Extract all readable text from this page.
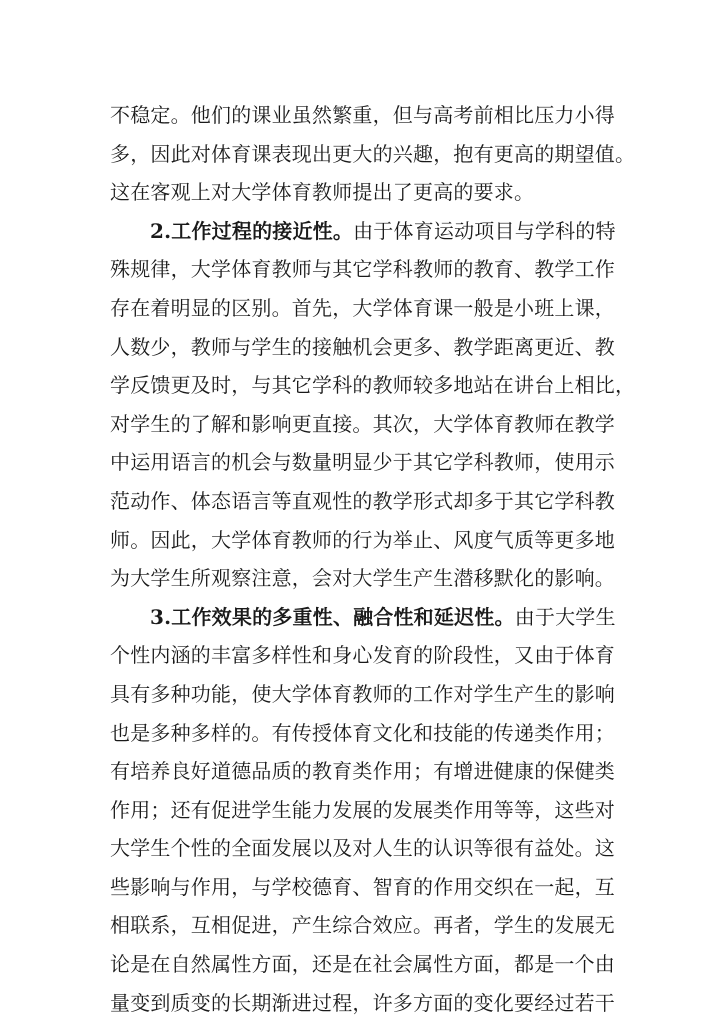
不稳定。他们的课业虽然繁重，但与高考前相比压力小得
多，因此对体育课表现出更大的兴趣，抱有更高的期望值。
这在客观上对大学体育教师提出了更高的要求。
2.工作过程的接近性。由于体育运动项目与学科的特
殊规律，大学体育教师与其它学科教师的教育、教学工作
存在着明显的区别。首先，大学体育课一般是小班上课，
人数少，教师与学生的接触机会更多、教学距离更近、教
学反馈更及时，与其它学科的教师较多地站在讲台上相比，
对学生的了解和影响更直接。其次，大学体育教师在教学
中运用语言的机会与数量明显少于其它学科教师，使用示
范动作、体态语言等直观性的教学形式却多于其它学科教
师。因此，大学体育教师的行为举止、风度气质等更多地
为大学生所观察注意，会对大学生产生潜移默化的影响。
3.工作效果的多重性、融合性和延迟性。由于大学生
个性内涵的丰富多样性和身心发育的阶段性，又由于体育
具有多种功能，使大学体育教师的工作对学生产生的影响
也是多种多样的。有传授体育文化和技能的传递类作用；
有培养良好道德品质的教育类作用；有增进健康的保健类
作用；还有促进学生能力发展的发展类作用等等，这些对
大学生个性的全面发展以及对人生的认识等很有益处。这
些影响与作用，与学校德育、智育的作用交织在一起，互
相联系，互相促进，产生综合效应。再者，学生的发展无
论是在自然属性方面，还是在社会属性方面，都是一个由
量变到质变的长期渐进过程，许多方面的变化要经过若干
